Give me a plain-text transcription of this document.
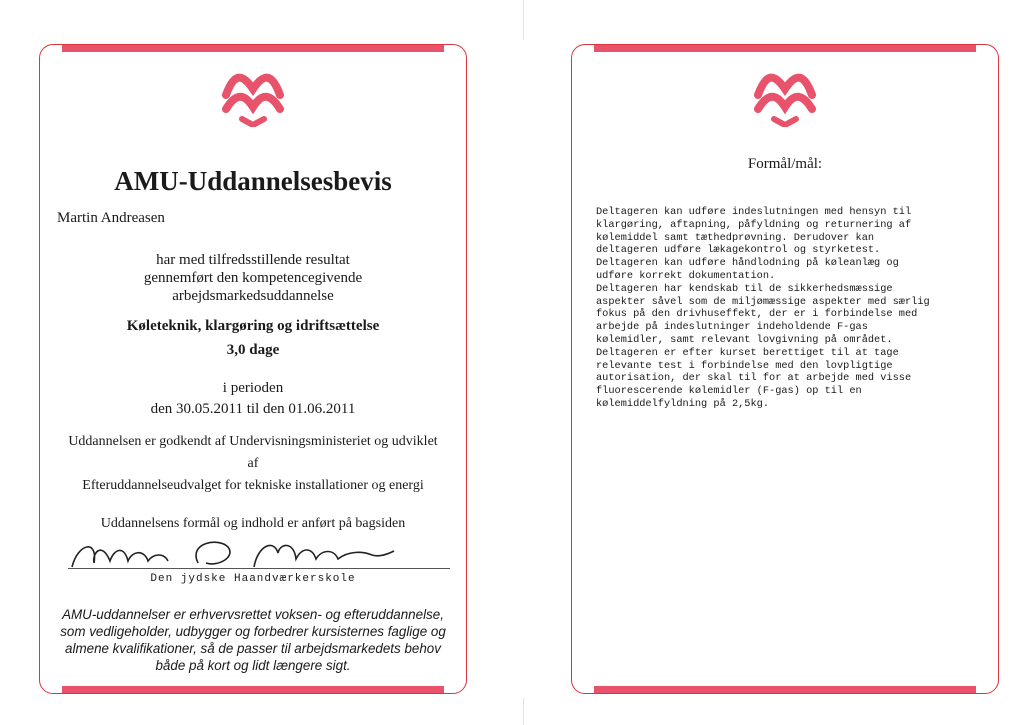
AMU-Uddannelsesbevis
Martin Andreasen
har med tilfredsstillende resultat
gennemført den kompetencegivende
arbejdsmarkedsuddannelse
Køleteknik, klargøring og idriftsættelse
3,0 dage
i perioden
den 30.05.2011 til den 01.06.2011
Uddannelsen er godkendt af Undervisningsministeriet og udviklet
af
Efteruddannelseudvalget for tekniske installationer og energi
Uddannelsens formål og indhold er anført på bagsiden
Den jydske Haandværkerskole
AMU-uddannelser er erhvervsrettet voksen- og efteruddannelse,
som vedligeholder, udbygger og forbedrer kursisternes faglige og
almene kvalifikationer, så de passer til arbejdsmarkedets behov
både på kort og lidt længere sigt.
Formål/mål:
Deltageren kan udføre indeslutningen med hensyn til
klargøring, aftapning, påfyldning og returnering af
kølemiddel samt tæthedprøvning. Derudover kan
deltageren udføre lækagekontrol og styrketest.
Deltageren kan udføre håndlodning på køleanlæg og
udføre korrekt dokumentation.
Deltageren har kendskab til de sikkerhedsmæssige
aspekter såvel som de miljømæssige aspekter med særlig
fokus på den drivhuseffekt, der er i forbindelse med
arbejde på indeslutninger indeholdende F-gas
kølemidler, samt relevant lovgivning på området.
Deltageren er efter kurset berettiget til at tage
relevante test i forbindelse med den lovpligtige
autorisation, der skal til for at arbejde med visse
fluorescerende kølemidler (F-gas) op til en
kølemiddelfyldning på 2,5kg.
